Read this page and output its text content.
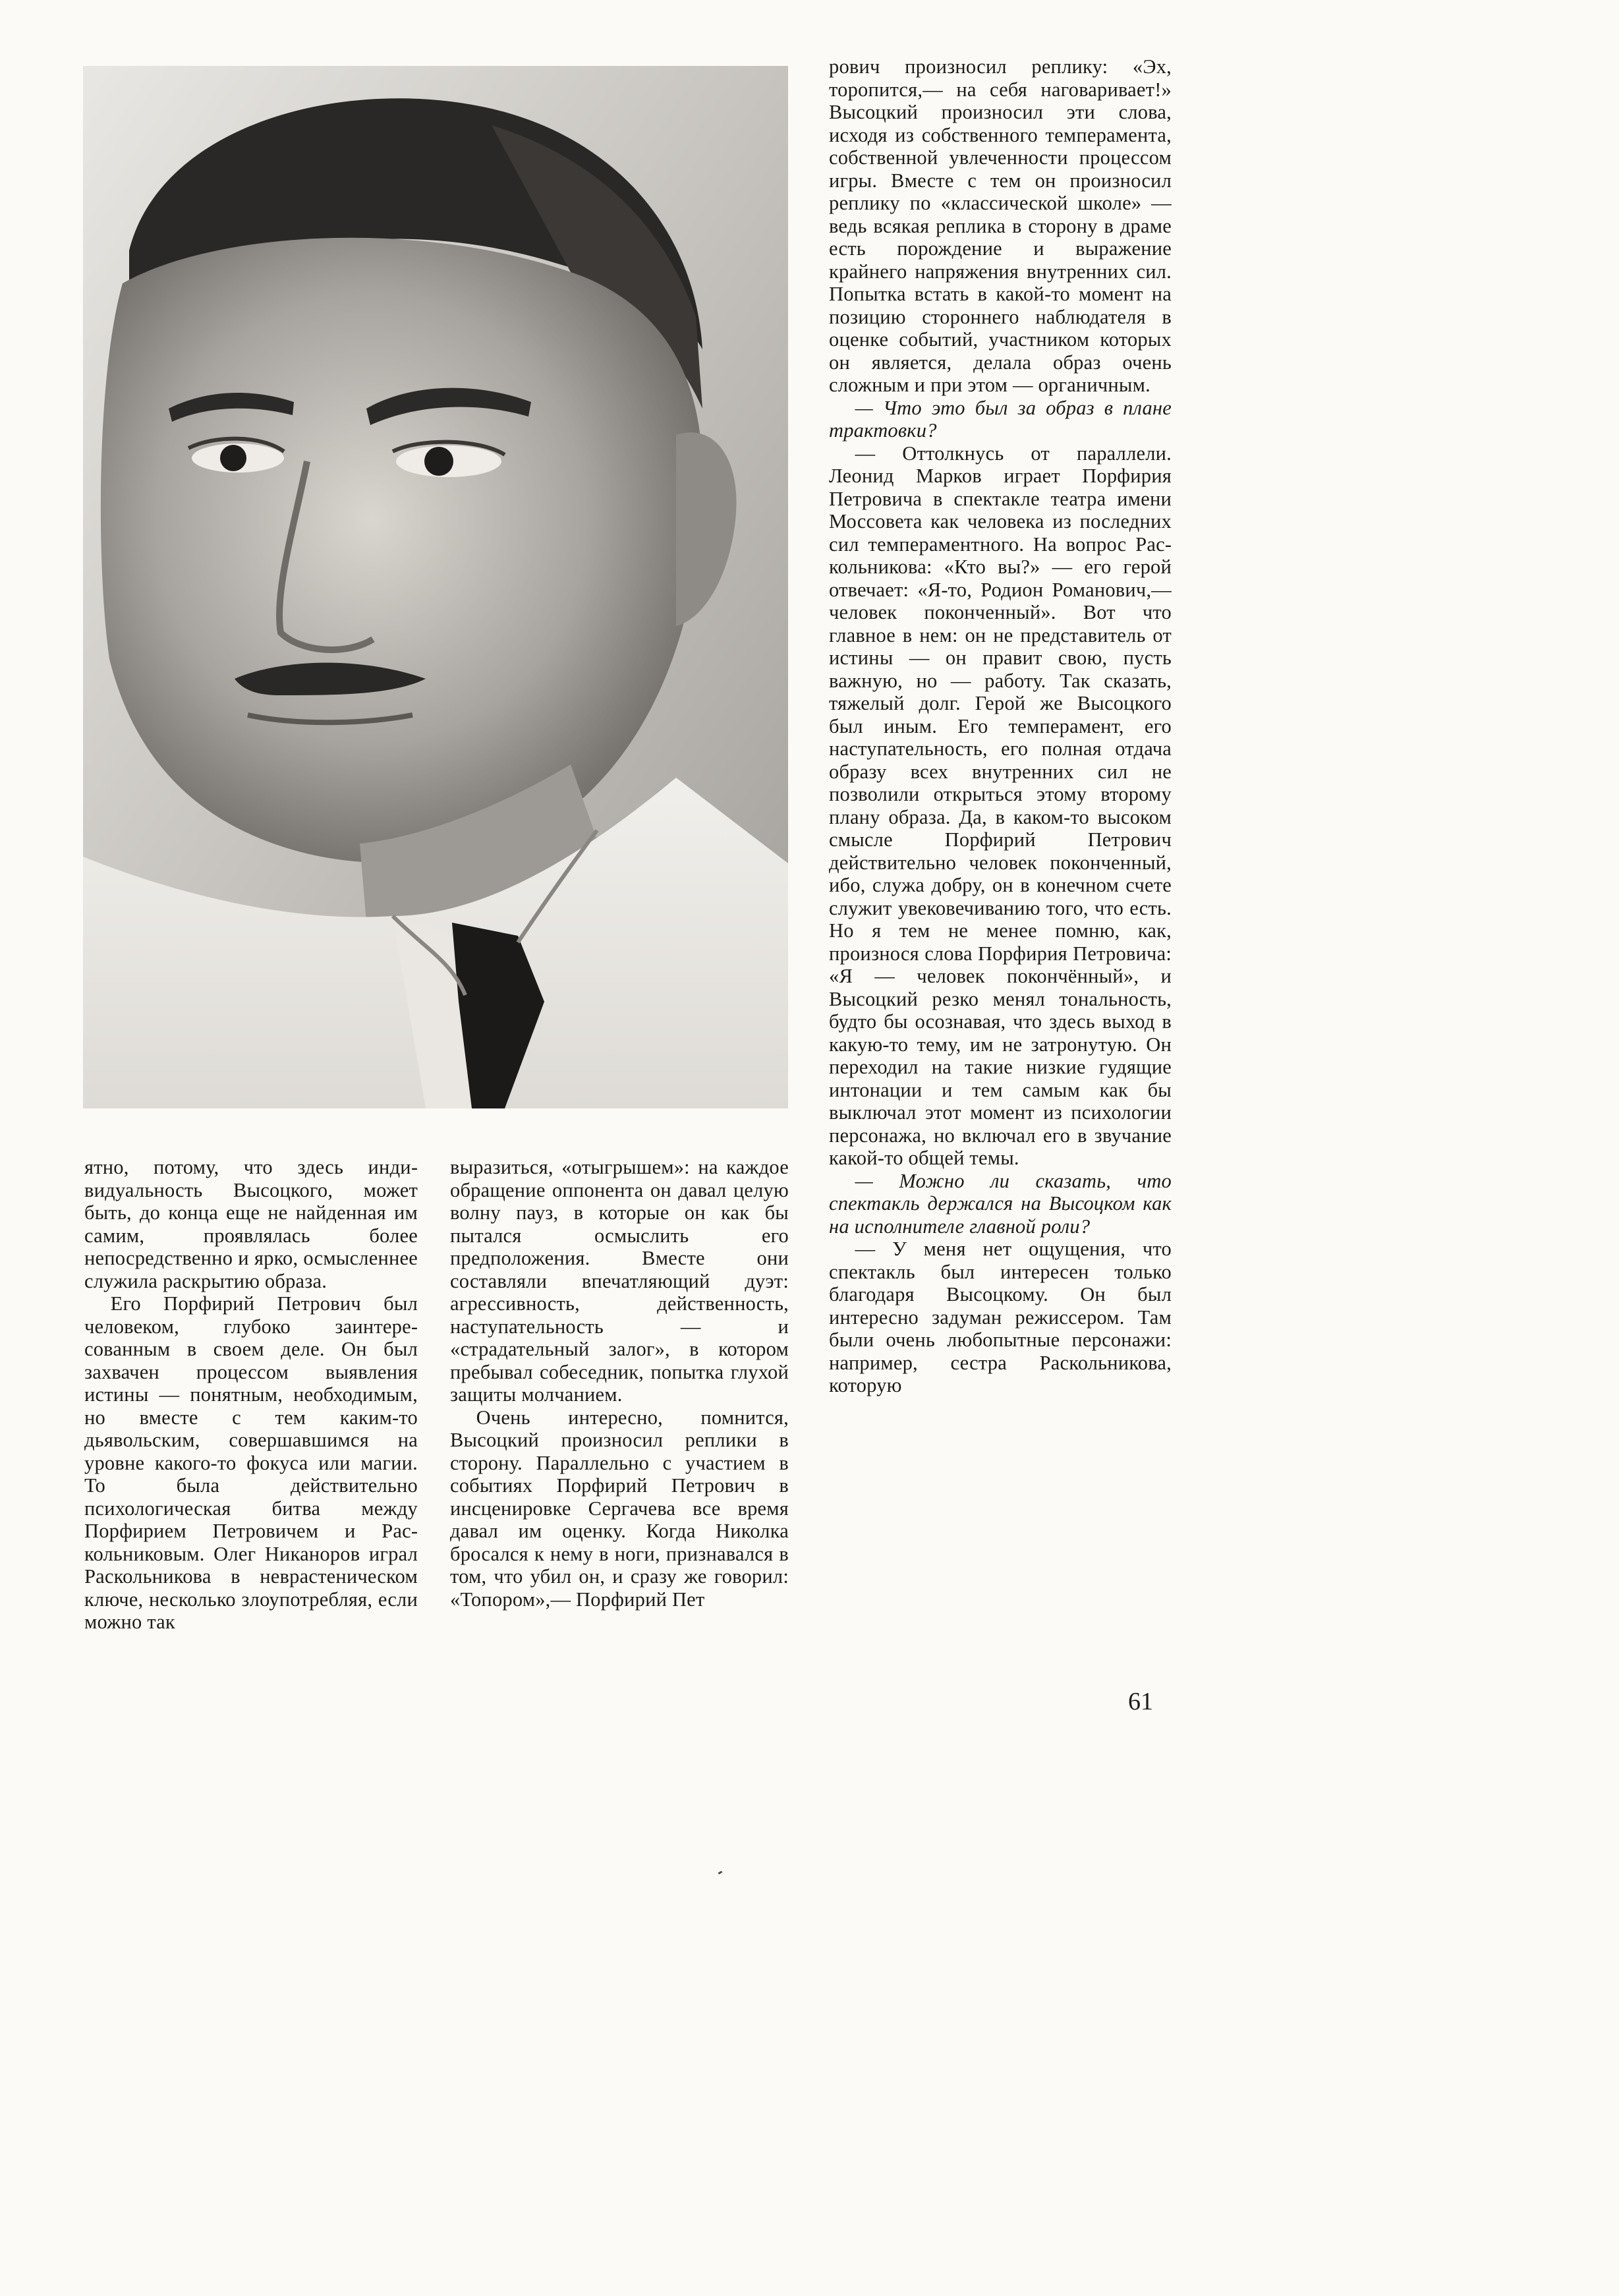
ятно, потому, что здесь индивидуальность Высоцкого, может быть, до конца еще не найденная им самим, проявлялась более непосредственно и ярко, осмысленнее служила раскрытию образа.

Его Порфирий Петрович был человеком, глубоко заинтересованным в своем деле. Он был захвачен процессом выявления истины — понятным, необходимым, но вместе с тем каким-то дьявольским, совершавшимся на уровне какого-то фокуса или магии. То была действительно психологическая битва между Порфирием Петровичем и Раскольниковым. Олег Никаноров играл Раскольникова в неврастеническом ключе, несколько злоупотребляя, если можно так

выразиться, «отыгрышем»: на каждое обращение оппонента он давал целую волну пауз, в которые он как бы пытался осмыслить его предположения. Вместе они составляли впечатляющий дуэт: агрессивность, действенность, наступательность — и «страдательный залог», в котором пребывал собеседник, попытка глухой защиты молчанием.

Очень интересно, помнится, Высоцкий произносил реплики в сторону. Параллельно с участием в событиях Порфирий Петрович в инсценировке Сергачева все время давал им оценку. Когда Николка бросался к нему в ноги, признавался в том, что убил он, и сразу же говорил: «Топором»,— Порфирий Пет

рович произносил реплику: «Эх, торопится,— на себя наговаривает!» Высоцкий произносил эти слова, исходя из собственного темперамента, собственной увлеченности процессом игры. Вместе с тем он произносил реплику по «классической школе» — ведь всякая реплика в сторону в драме есть порождение и выражение крайнего напряжения внутренних сил. Попытка встать в какой-то момент на позицию стороннего наблюдателя в оценке событий, участником которых он является, делала образ очень сложным и при этом — органичным.

— Что это был за образ в плане трактовки?

— Оттолкнусь от параллели. Леонид Марков играет Порфирия Петровича в спектакле театра имени Моссовета как человека из последних сил темпераментного. На вопрос Раскольникова: «Кто вы?» — его герой отвечает: «Я-то, Родион Романович,— человек поконченный». Вот что главное в нем: он не представитель от истины — он правит свою, пусть важную, но — работу. Так сказать, тяжелый долг. Герой же Высоцкого был иным. Его темперамент, его наступательность, его полная отдача образу всех внутренних сил не позволили открыться этому второму плану образа. Да, в каком-то высоком смысле Порфирий Петрович действительно человек поконченный, ибо, служа добру, он в конечном счете служит увековечиванию того, что есть. Но я тем не менее помню, как, произнося слова Порфирия Петровича: «Я — человек покончённый», и Высоцкий резко менял тональность, будто бы осознавая, что здесь выход в какую-то тему, им не затронутую. Он переходил на такие низкие гудящие интонации и тем самым как бы выключал этот момент из психологии персонажа, но включал его в звучание какой-то общей темы.

— Можно ли сказать, что спектакль держался на Высоцком как на исполнителе главной роли?

— У меня нет ощущения, что спектакль был интересен только благодаря Высоцкому. Он был интересно задуман режиссером. Там были очень любопытные персонажи: например, сестра Раскольникова, которую

61
